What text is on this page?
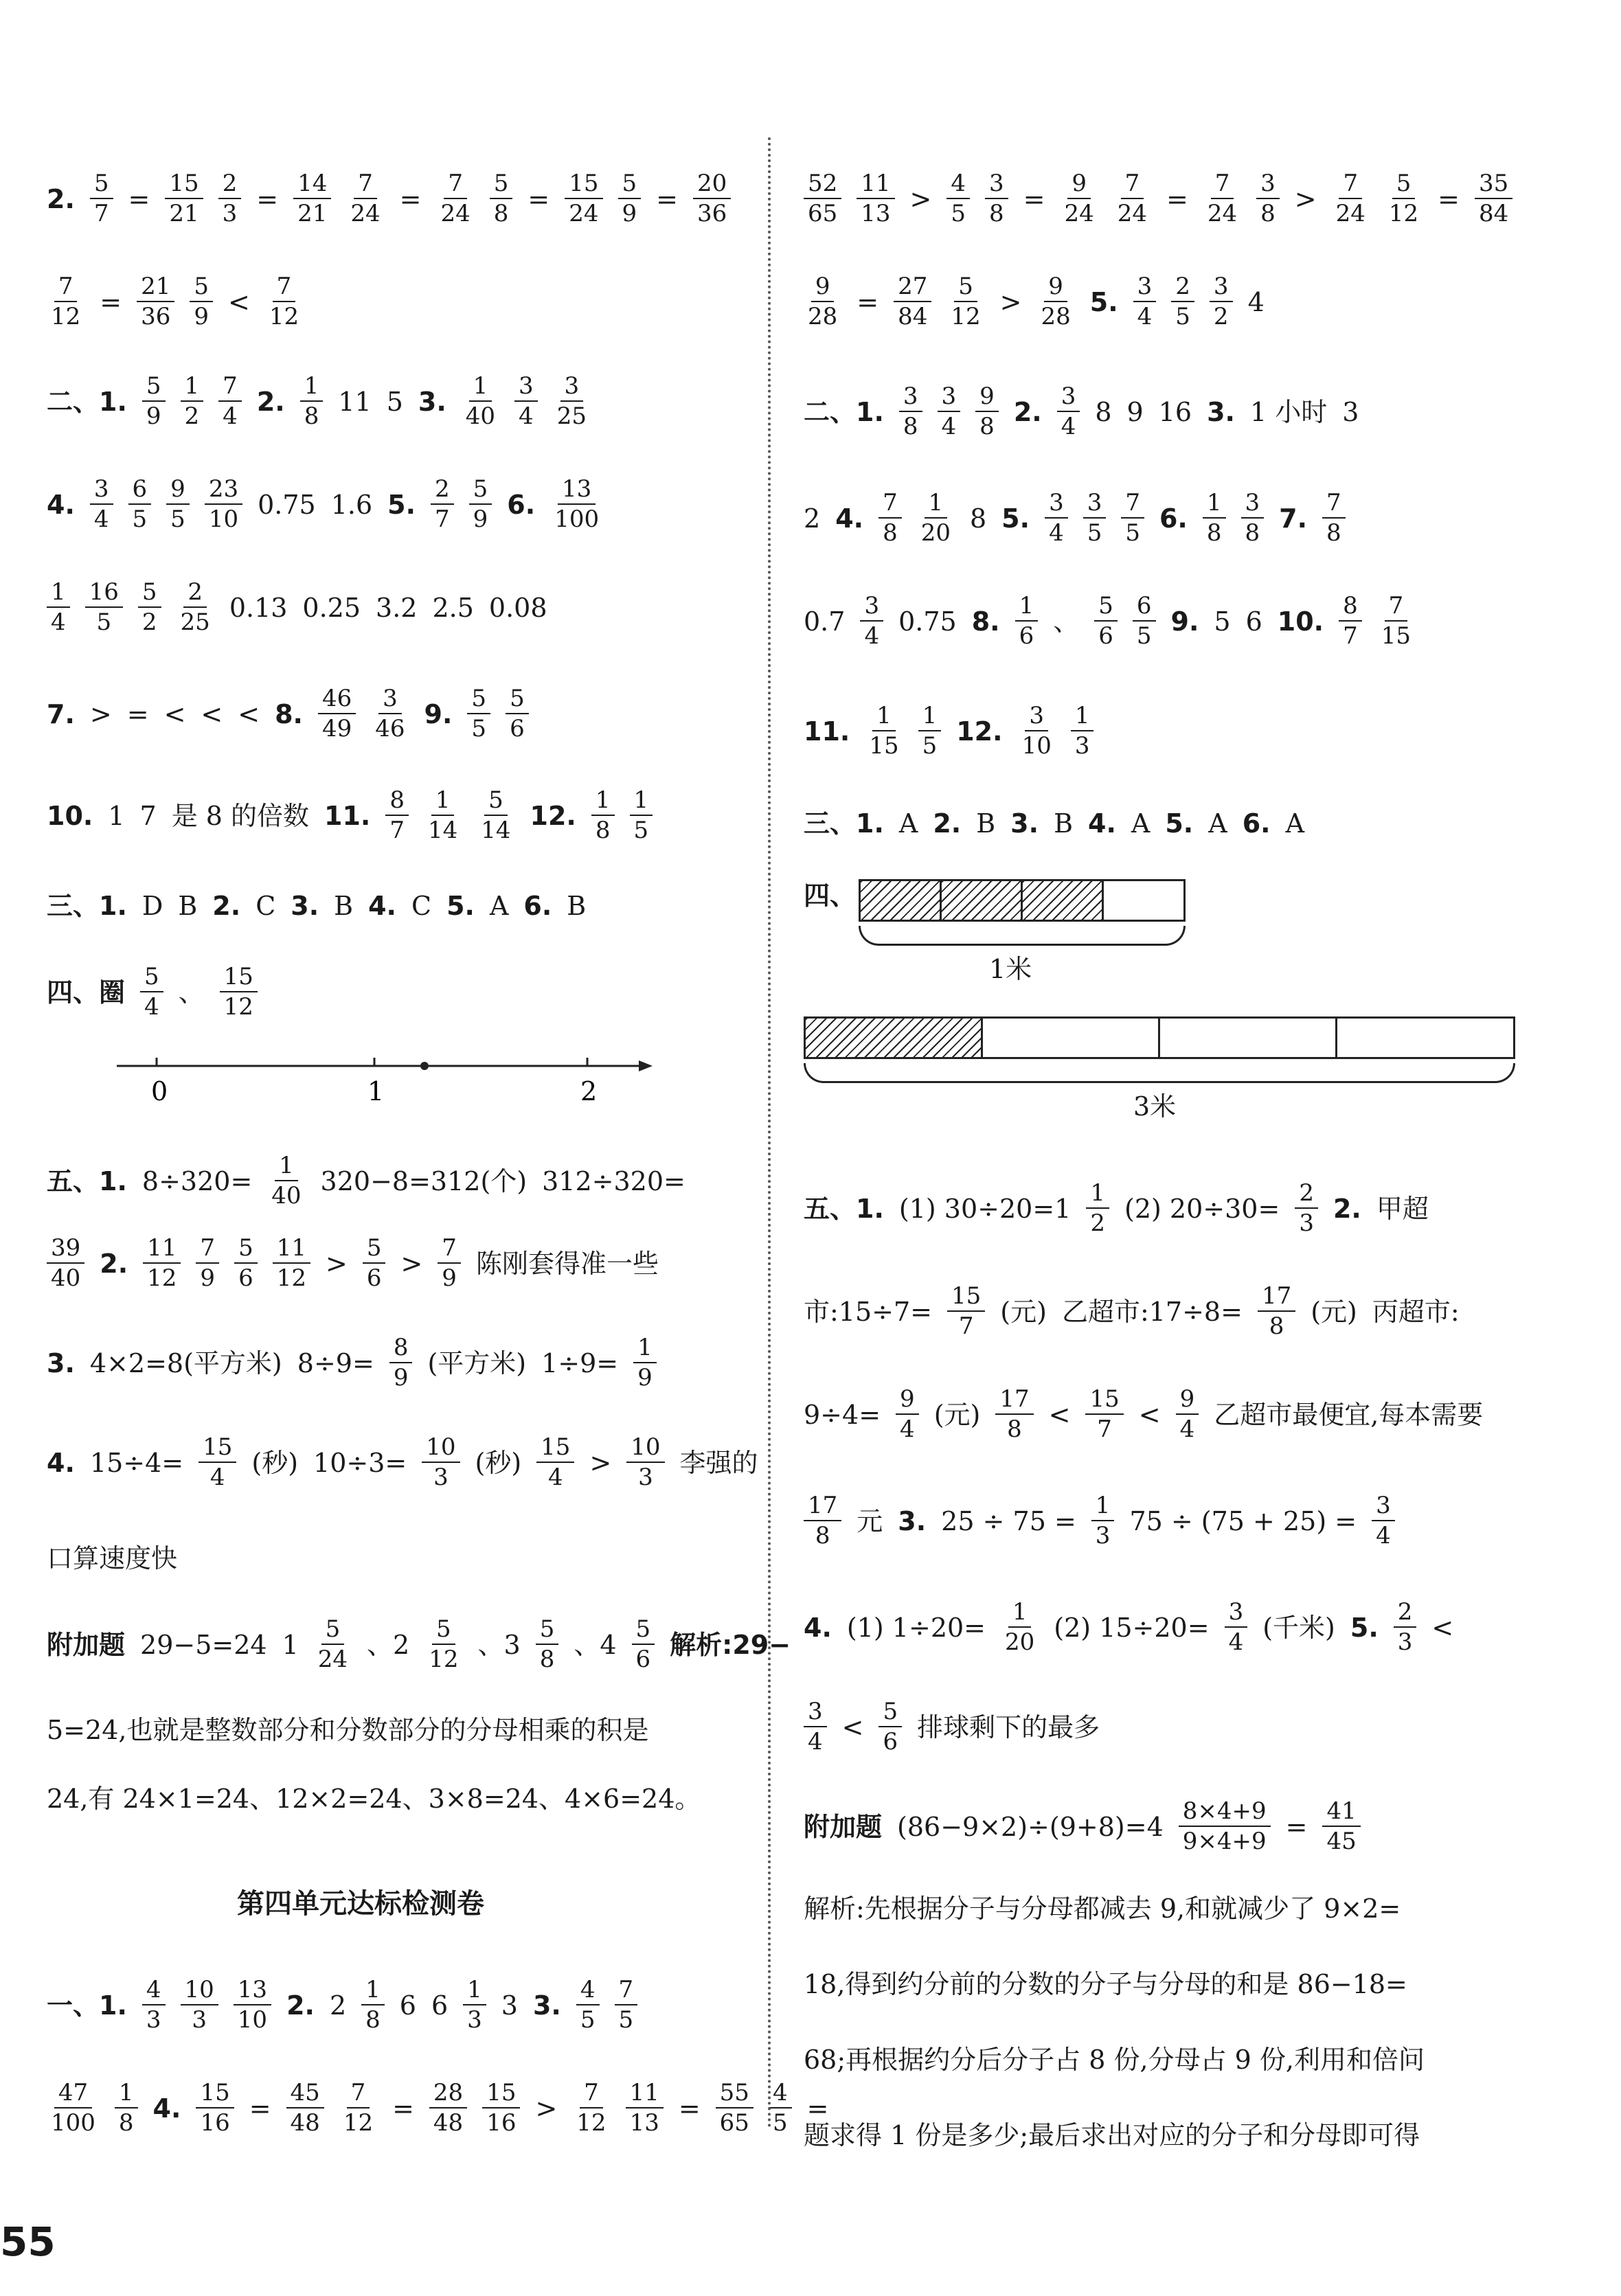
2. $\frac{5}{7} = \frac{15}{21} \frac{2}{3} = \frac{14}{21} \frac{7}{24} = \frac{7}{24} \frac{5}{8} = \frac{15}{24} \frac{5}{9} = \frac{20}{36}$
$\frac{7}{12} = \frac{21}{36} \frac{5}{9} < \frac{7}{12}$
二、1. $\frac{5}{9} \frac{1}{2} \frac{7}{4} 2$. $\frac{1}{8} 11$ 5 3. $\frac{1}{40} \frac{3}{4} \frac{3}{25}$
4. $\frac{3}{4} \frac{6}{5} \frac{9}{5} \frac{23}{10} 0.75$ 1.6 5. $\frac{2}{7} \frac{5}{9} 6$. $\frac{13}{100}$
$\frac{1}{4} \frac{16}{5} \frac{5}{2} \frac{2}{25} 0.13$ 0.25 3.2 2.5 0.08
7. > = < < < 8. $\frac{46}{49} \frac{3}{46} 9$. $\frac{5}{5} \frac{5}{6}$
10. 1 7 是 8 的倍数 11. $\frac{8}{7} \frac{1}{14} \frac{5}{14} 12$. $\frac{1}{8} \frac{1}{5}$
三、1. D B 2. C 3. B 4. C 5. A 6. B
四、圈 $\frac{5}{4}$ 、 $\frac{15}{12}$
0	1	2
五、1. $8\div 320= \frac{1}{40} 320-8=312$(个) 312÷320=
$\frac{39}{40} 2$. $\frac{11}{12} \frac{7}{9} \frac{5}{6} \frac{11}{12} > \frac{5}{6} > \frac{7}{9}$ 陈刚套得准一些
3. 4×2=8(平方米) $8\div 9= \frac{8}{9}$ (平方米) $1\div 9= \frac{1}{9}$
4. $15\div 4= \frac{15}{4}$ (秒) $10\div 3= \frac{10}{3}$ (秒) $\frac{15}{4} > \frac{10}{3}$ 李强的
口算速度快
附加题 29−5=24 $1 \frac{5}{24}$ 、$2 \frac{5}{12}$ 、$3 \frac{5}{8}$ 、$4 \frac{5}{6}$ 解析:29−
5=24,也就是整数部分和分数部分的分母相乘的积是
24,有 24×1=24、12×2=24、3×8=24、4×6=24。
第四单元达标检测卷
一、1. $\frac{4}{3} \frac{10}{3} \frac{13}{10} 2$. $2 \frac{1}{8} 6$ $6 \frac{1}{3} 3$ 3. $\frac{4}{5} \frac{7}{5}$
$\frac{47}{100} \frac{1}{8} 4$. $\frac{15}{16} = \frac{45}{48} \frac{7}{12} = \frac{28}{48} \frac{15}{16} > \frac{7}{12} \frac{11}{13} = \frac{55}{65} \frac{4}{5}$ =
$\frac{52}{65} \frac{11}{13} > \frac{4}{5} \frac{3}{8} = \frac{9}{24} \frac{7}{24} = \frac{7}{24} \frac{3}{8} > \frac{7}{24} \frac{5}{12} = \frac{35}{84}$
$\frac{9}{28} = \frac{27}{84} \frac{5}{12} > \frac{9}{28} 5$. $\frac{3}{4} \frac{2}{5} \frac{3}{2} 4$
二、1. $\frac{3}{8} \frac{3}{4} \frac{9}{8} 2$. $\frac{3}{4} 8$ 9 16 3. 1 小时 3
2 4. $\frac{7}{8} \frac{1}{20} 8$ 5. $\frac{3}{4} \frac{3}{5} \frac{7}{5} 6$. $\frac{1}{8} \frac{3}{8} 7$. $\frac{7}{8}$
$0.7 \frac{3}{4} 0.75$ 8. $\frac{1}{6}$ 、 $\frac{5}{6} \frac{6}{5} 9$. 5 6 10. $\frac{8}{7} \frac{7}{15}$
11. $\frac{1}{15} \frac{1}{5} 12$. $\frac{3}{10} \frac{1}{3}$
三、1. A 2. B 3. B 4. A 5. A 6. A
四、
1米
3米
五、1. (1) $30\div 20=1 \frac{1}{2} (2)$ $20\div 30= \frac{2}{3} 2$. 甲超
市:15÷7= $\frac{15}{7}$ (元) 乙超市:17÷8= $\frac{17}{8}$ (元) 丙超市:
$9\div 4= \frac{9}{4}$ (元) $\frac{17}{8} < \frac{15}{7} < \frac{9}{4}$ 乙超市最便宜,每本需要
$\frac{17}{8}$ 元 3. $25 \div 75 = \frac{1}{3} 75 \div (75 + 25) = \frac{3}{4}$
4. (1) $1\div 20= \frac{1}{20} (2)$ $15\div 20= \frac{3}{4}$ (千米) 5. $\frac{2}{3}$ <
$\frac{3}{4} < \frac{5}{6}$ 排球剩下的最多
附加题 $(86-9\times 2)\div(9+8)=4 \frac{8\times 4+9}{9\times 4+9} = \frac{41}{45}$
解析:先根据分子与分母都减去 9,和就减少了 9×2=
18,得到约分前的分数的分子与分母的和是 86−18=
68;再根据约分后分子占 8 份,分母占 9 份,利用和倍问
题求得 1 份是多少;最后求出对应的分子和分母即可得
55
